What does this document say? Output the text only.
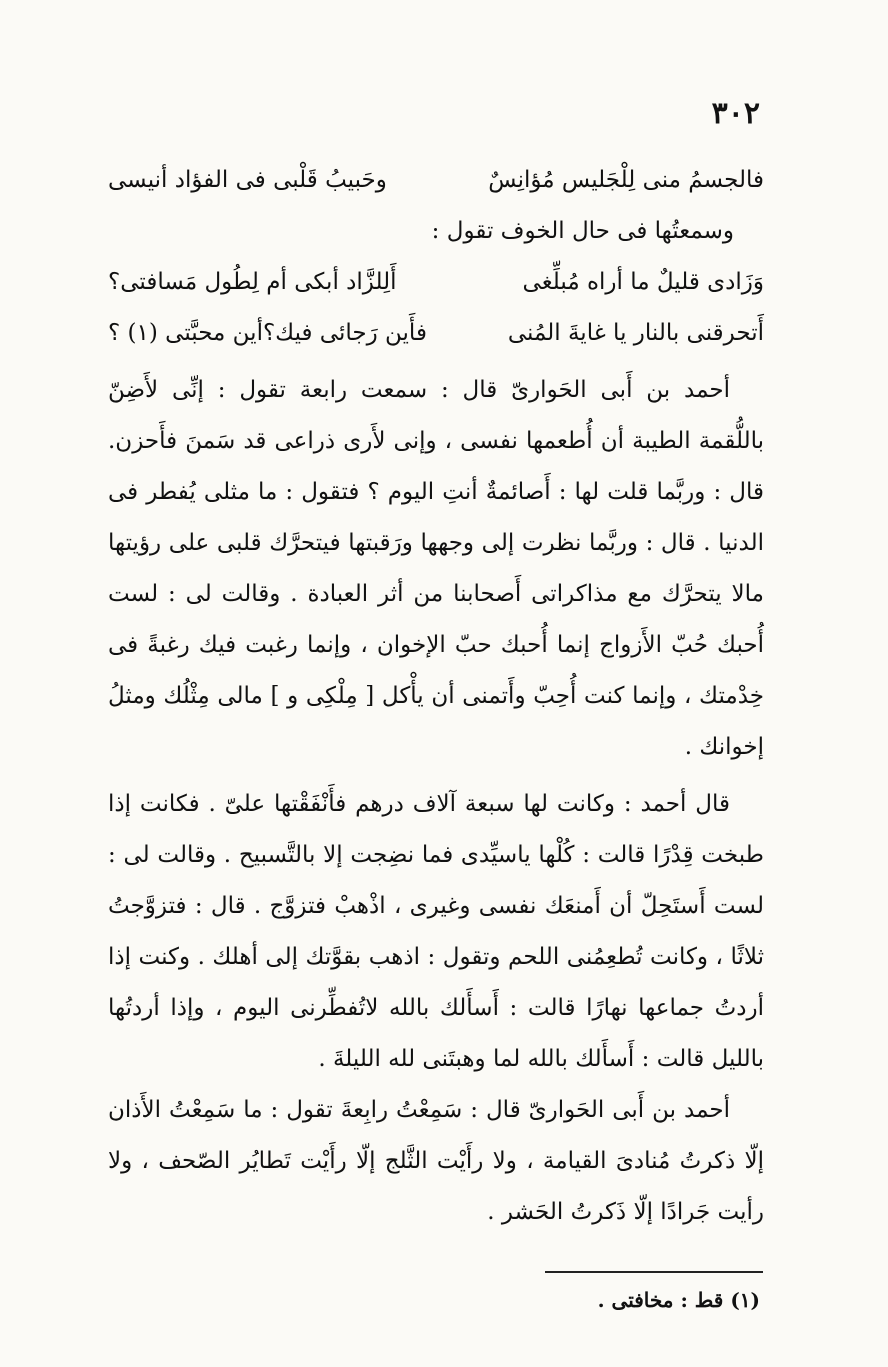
٣٠٢
فالجسمُ منى لِلْجَليس مُؤانِسٌ
وحَبيبُ قَلْبى فى الفؤاد أنيسى
وسمعتُها فى حال الخوف تقول :
وَزَادى قليلٌ ما أراه مُبلِّغى
أَلِلزَّاد أبكى أم لِطُول مَسافتى؟
أَتحرقنى بالنار يا غايةَ المُنى
فأَين رَجائى فيك؟أين محبَّتى (١) ؟

أحمد بن أَبى الحَوارىّ قال : سمعت رابعة تقول : إنِّى لأَضِنّ باللُّقمة الطيبة أن أُطعمها نفسى ، وإنى لأَرى ذراعى قد سَمنَ فأَحزن. قال : وربَّما قلت لها : أَصائمةٌ أنتِ اليوم ؟ فتقول : ما مثلى يُفطر فى الدنيا . قال : وربَّما نظرت إلى وجهها ورَقبتها فيتحرَّك قلبى على رؤيتها مالا يتحرَّك مع مذاكراتى أَصحابنا من أثر العبادة . وقالت لى : لست أُحبك حُبّ الأَزواج إنما أُحبك حبّ الإخوان ، وإنما رغبت فيك رغبةً فى خِدْمتك ، وإنما كنت أُحِبّ وأَتمنى أن يأْكل [ مِلْكِى و ] مالى مِثْلُك ومثلُ إخوانك .

قال أحمد : وكانت لها سبعة آلاف درهم فأَنْفَقْتها علىّ . فكانت إذا طبخت قِدْرًا قالت : كُلْها ياسيِّدى فما نضِجت إلا بالتَّسبيح . وقالت لى : لست أَستَحِلّ أن أَمنعَك نفسى وغيرى ، اذْهبْ فتزوَّج . قال : فتزوَّجتُ ثلاثًا ، وكانت تُطعِمُنى اللحم وتقول : اذهب بقوَّتك إلى أهلك . وكنت إذا أردتُ جماعها نهارًا قالت : أَسأَلك بالله لاتُفطِّرنى اليوم ، وإذا أردتُها بالليل قالت : أَسأَلك بالله لما وهبتَنى لله الليلةَ .

أحمد بن أَبى الحَوارىّ قال : سَمِعْتُ رابِعةَ تقول : ما سَمِعْتُ الأَذان إلّا ذكرتُ مُنادىَ القيامة ، ولا رأَيْت الثَّلج إلّا رأَيْت تَطايُر الصّحف ، ولا رأيت جَرادًا إلّا ذَكرتُ الحَشر .

(١) قط : مخافتى .
